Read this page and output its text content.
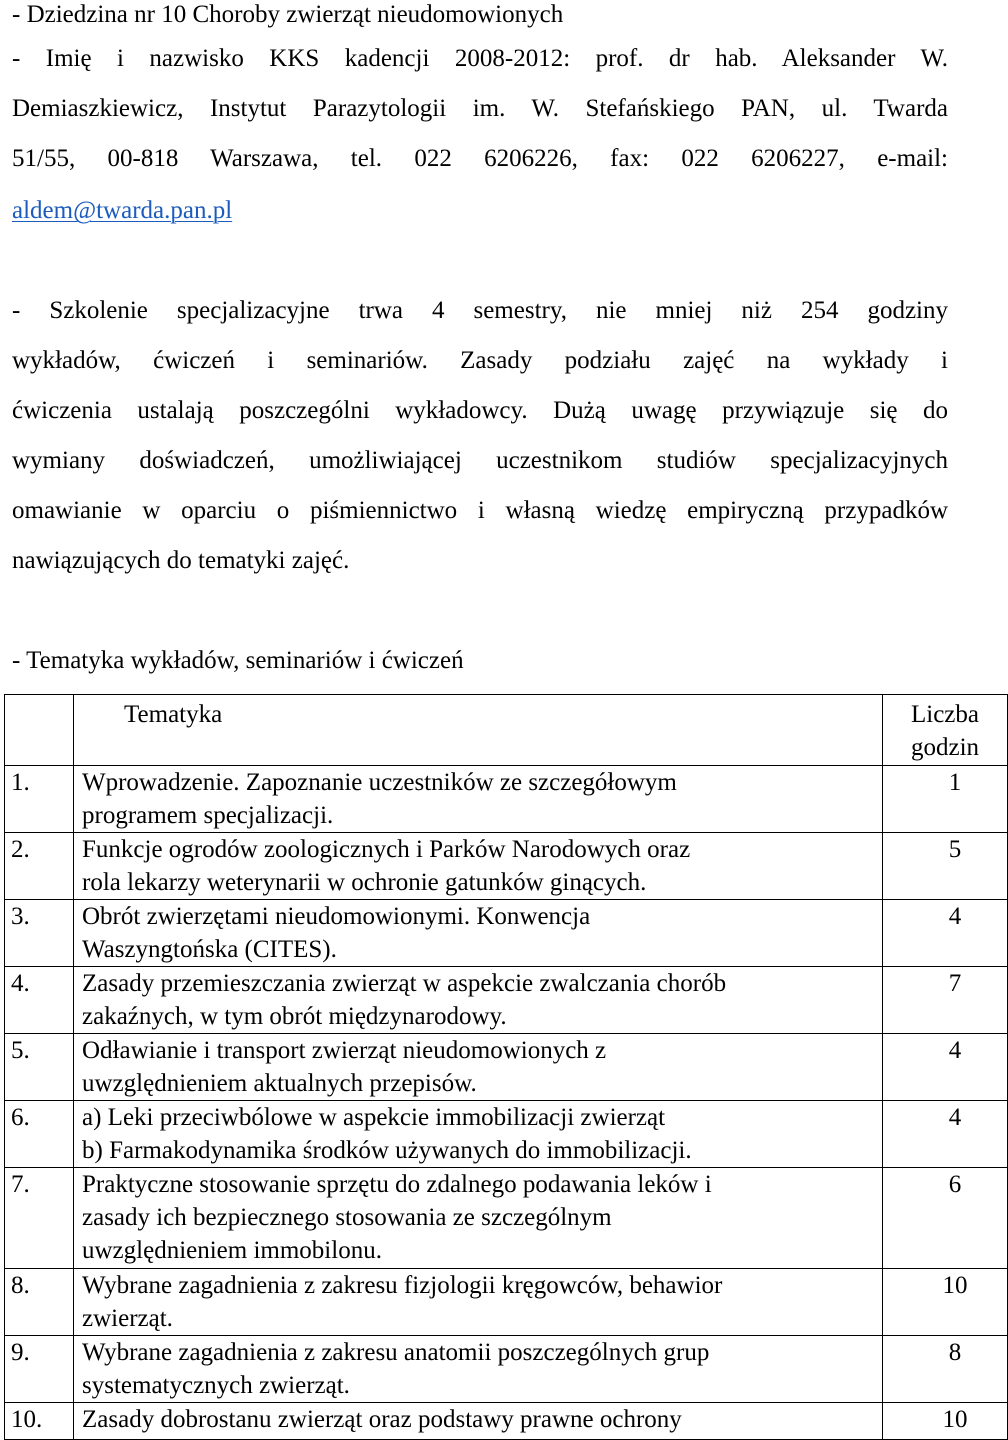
- Dziedzina nr 10 Choroby zwierząt nieudomowionych
- Imię i nazwisko KKS kadencji 2008-2012: prof. dr hab. Aleksander W.
Demiaszkiewicz, Instytut Parazytologii im. W. Stefańskiego PAN, ul. Twarda
51/55, 00-818 Warszawa, tel. 022 6206226, fax: 022 6206227, e-mail:
aldem@twarda.pan.pl
- Szkolenie specjalizacyjne trwa 4 semestry, nie mniej niż 254 godziny
wykładów, ćwiczeń i seminariów. Zasady podziału zajęć na wykłady i
ćwiczenia ustalają poszczególni wykładowcy. Dużą uwagę przywiązuje się do
wymiany doświadczeń, umożliwiającej uczestnikom studiów specjalizacyjnych
omawianie w oparciu o piśmiennictwo i własną wiedzę empiryczną przypadków
nawiązujących do tematyki zajęć.
- Tematyka wykładów, seminariów i ćwiczeń
	Tematyka	Liczba
godzin

1.	Wprowadzenie. Zapoznanie uczestników ze szczegółowym
programem specjalizacji.	1
2.	Funkcje ogrodów zoologicznych i Parków Narodowych oraz
rola lekarzy weterynarii w ochronie gatunków ginących.	5
3.	Obrót zwierzętami nieudomowionymi. Konwencja
Waszyngtońska (CITES).	4
4.	Zasady przemieszczania zwierząt w aspekcie zwalczania chorób
zakaźnych, w tym obrót międzynarodowy.	7
5.	Odławianie i transport zwierząt nieudomowionych z
uwzględnieniem aktualnych przepisów.	4
6.	a) Leki przeciwbólowe w aspekcie immobilizacji zwierząt
b) Farmakodynamika środków używanych do immobilizacji.	4
7.	Praktyczne stosowanie sprzętu do zdalnego podawania leków i
zasady ich bezpiecznego stosowania ze szczególnym
uwzględnieniem immobilonu.	6
8.	Wybrane zagadnienia z zakresu fizjologii kręgowców, behawior
zwierząt.	10
9.	Wybrane zagadnienia z zakresu anatomii poszczególnych grup
systematycznych zwierząt.	8
10.	Zasady dobrostanu zwierząt oraz podstawy prawne ochrony	10
